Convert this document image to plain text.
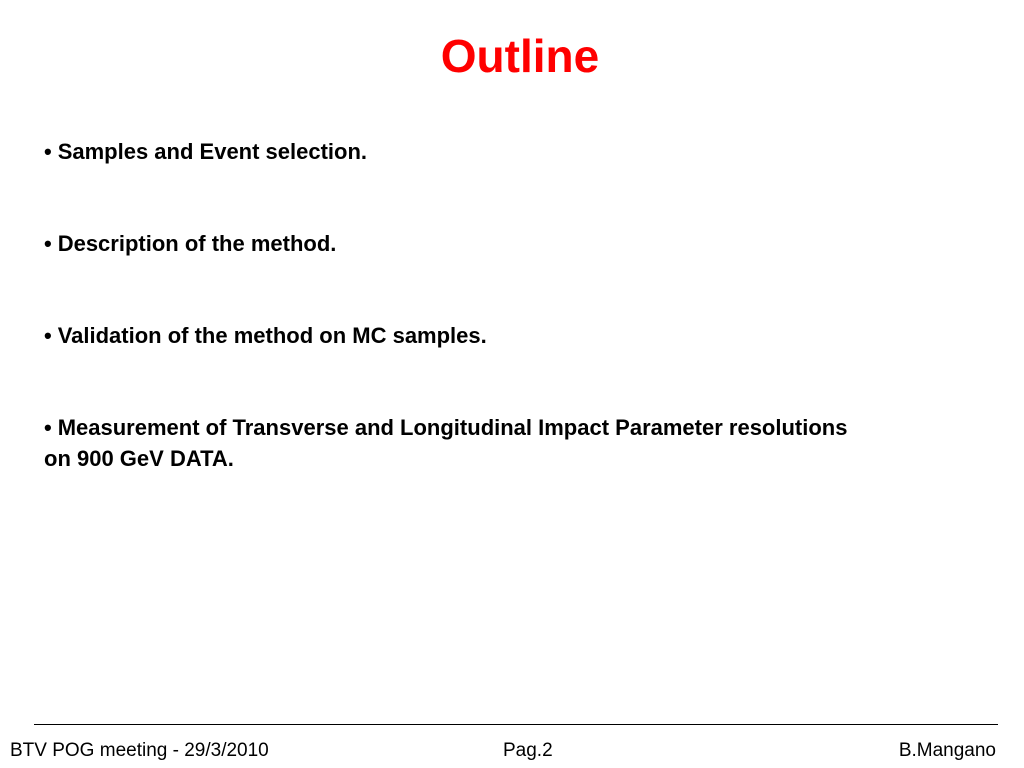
Outline
• Samples and Event selection.
• Description of the method.
• Validation of the method on MC samples.
• Measurement of Transverse and Longitudinal Impact Parameter resolutions on 900 GeV DATA.
BTV POG meeting - 29/3/2010	Pag.2	B.Mangano
